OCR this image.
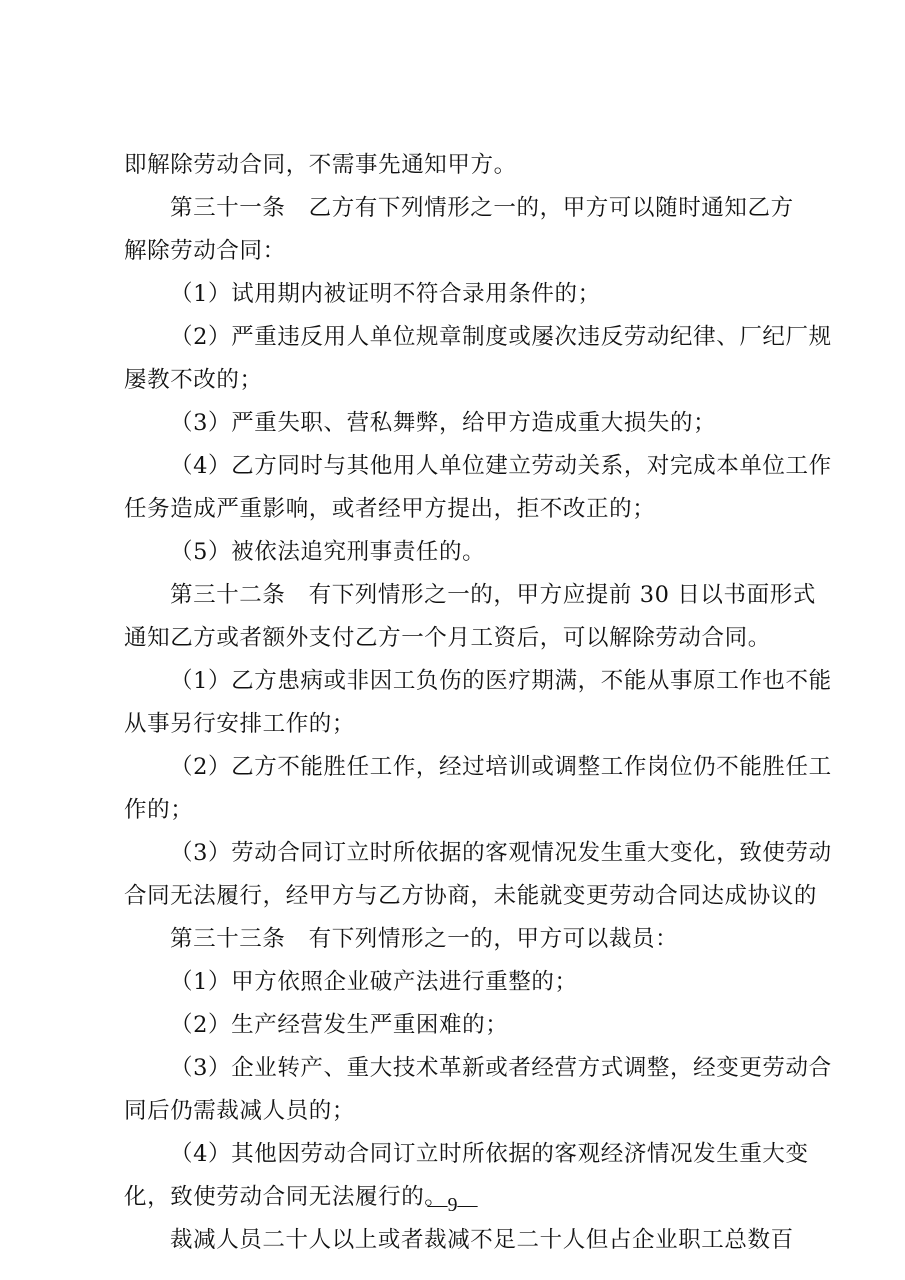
即解除劳动合同，不需事先通知甲方。
第三十一条　乙方有下列情形之一的，甲方可以随时通知乙方
解除劳动合同：
（1）试用期内被证明不符合录用条件的；
（2）严重违反用人单位规章制度或屡次违反劳动纪律、厂纪厂规
屡教不改的；
（3）严重失职、营私舞弊，给甲方造成重大损失的；
（4）乙方同时与其他用人单位建立劳动关系，对完成本单位工作
任务造成严重影响，或者经甲方提出，拒不改正的；
（5）被依法追究刑事责任的。
第三十二条　有下列情形之一的，甲方应提前 30 日以书面形式
通知乙方或者额外支付乙方一个月工资后，可以解除劳动合同。
（1）乙方患病或非因工负伤的医疗期满，不能从事原工作也不能
从事另行安排工作的；
（2）乙方不能胜任工作，经过培训或调整工作岗位仍不能胜任工
作的；
（3）劳动合同订立时所依据的客观情况发生重大变化，致使劳动
合同无法履行，经甲方与乙方协商，未能就变更劳动合同达成协议的
第三十三条　有下列情形之一的，甲方可以裁员：
（1）甲方依照企业破产法进行重整的；
（2）生产经营发生严重困难的；
（3）企业转产、重大技术革新或者经营方式调整，经变更劳动合
同后仍需裁减人员的；
（4）其他因劳动合同订立时所依据的客观经济情况发生重大变
化，致使劳动合同无法履行的。
裁减人员二十人以上或者裁减不足二十人但占企业职工总数百
—9—
